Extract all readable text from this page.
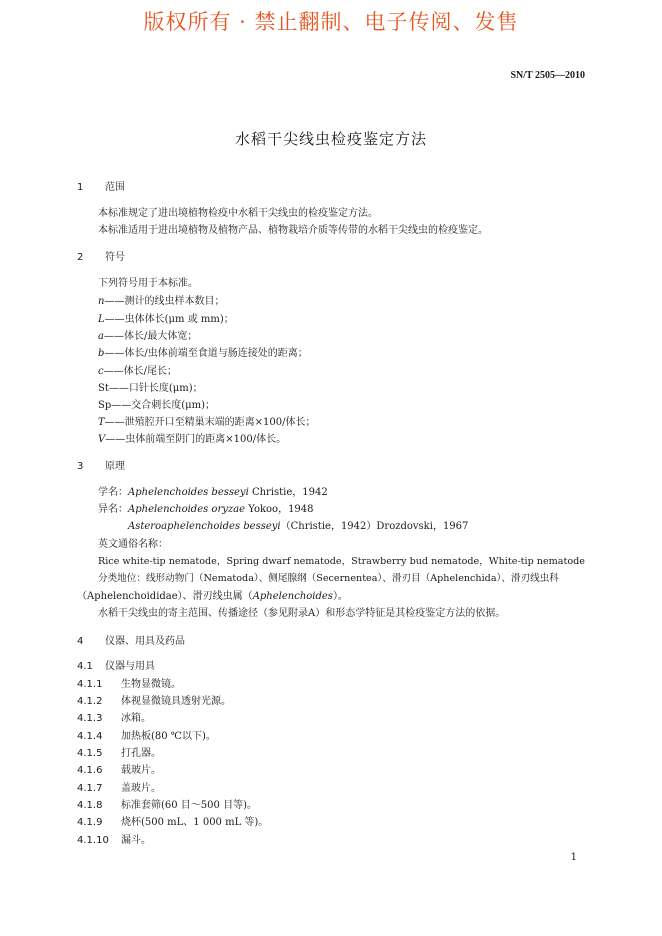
版权所有 · 禁止翻制、电子传阅、发售
SN/T 2505—2010
水稻干尖线虫检疫鉴定方法
1 范围
本标准规定了进出境植物检疫中水稻干尖线虫的检疫鉴定方法。
本标准适用于进出境植物及植物产品、植物栽培介质等传带的水稻干尖线虫的检疫鉴定。
2 符号
下列符号用于本标准。
n——测计的线虫样本数目；
L——虫体体长(μm 或 mm)；
a——体长/最大体宽；
b——体长/虫体前端至食道与肠连接处的距离；
c——体长/尾长；
St——口针长度(μm)；
Sp——交合刺长度(μm)；
T——泄殖腔开口至精巢末端的距离×100/体长；
V——虫体前端至阴门的距离×100/体长。
3 原理
学名：Aphelenchoides besseyi Christie，1942
异名：Aphelenchoides oryzae Yokoo，1948
Asteroaphelenchoides besseyi（Christie，1942）Drozdovski，1967
英文通俗名称：
Rice white-tip nematode，Spring dwarf nematode，Strawberry bud nematode，White-tip nematode
分类地位：线形动物门（Nematoda）、侧尾腺纲（Secernentea）、滑刃目（Aphelenchida）、滑刃线虫科
（Aphelenchoididae）、滑刃线虫属（Aphelenchoides）。
水稻干尖线虫的寄主范围、传播途径（参见附录A）和形态学特征是其检疫鉴定方法的依据。
4 仪器、用具及药品
4.1 仪器与用具
4.1.1 生物显微镜。
4.1.2 体视显微镜具透射光源。
4.1.3 冰箱。
4.1.4 加热板(80 ℃以下)。
4.1.5 打孔器。
4.1.6 载玻片。
4.1.7 盖玻片。
4.1.8 标准套筛(60 目～500 目等)。
4.1.9 烧杯(500 mL、1 000 mL 等)。
4.1.10 漏斗。
1
